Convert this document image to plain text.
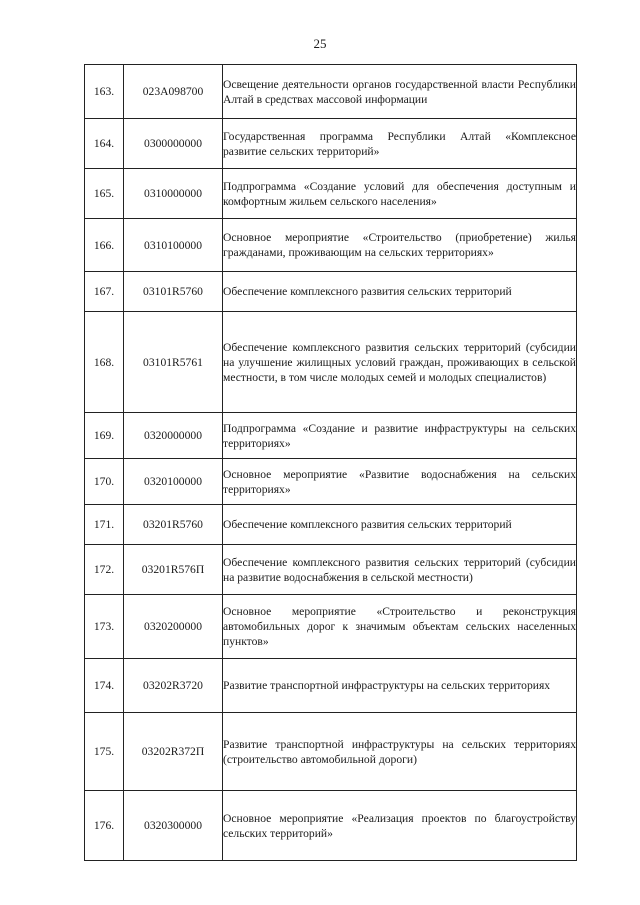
25
163.	023А098700	Освещение деятельности органов государственной власти Республики Алтай в средствах массовой информации
164.	0300000000	Государственная программа Республики Алтай «Комплексное развитие сельских территорий»
165.	0310000000	Подпрограмма «Создание условий для обеспечения доступным и комфортным жильем сельского населения»
166.	0310100000	Основное мероприятие «Строительство (приобретение) жилья гражданами, проживающим на сельских территориях»
167.	03101R5760	Обеспечение комплексного развития сельских территорий
168.	03101R5761	Обеспечение комплексного развития сельских территорий (субсидии на улучшение жилищных условий граждан, проживающих в сельской местности, в том числе молодых семей и молодых специалистов)
169.	0320000000	Подпрограмма «Создание и развитие инфраструктуры на сельских территориях»
170.	0320100000	Основное мероприятие «Развитие водоснабжения на сельских территориях»
171.	03201R5760	Обеспечение комплексного развития сельских территорий
172.	03201R576П	Обеспечение комплексного развития сельских территорий (субсидии на развитие водоснабжения в сельской местности)
173.	0320200000	Основное мероприятие «Строительство и реконструкция автомобильных дорог к значимым объектам сельских населенных пунктов»
174.	03202R3720	Развитие транспортной инфраструктуры на сельских территориях
175.	03202R372П	Развитие транспортной инфраструктуры на сельских территориях (строительство автомобильной дороги)
176.	0320300000	Основное мероприятие «Реализация проектов по благоустройству сельских территорий»
